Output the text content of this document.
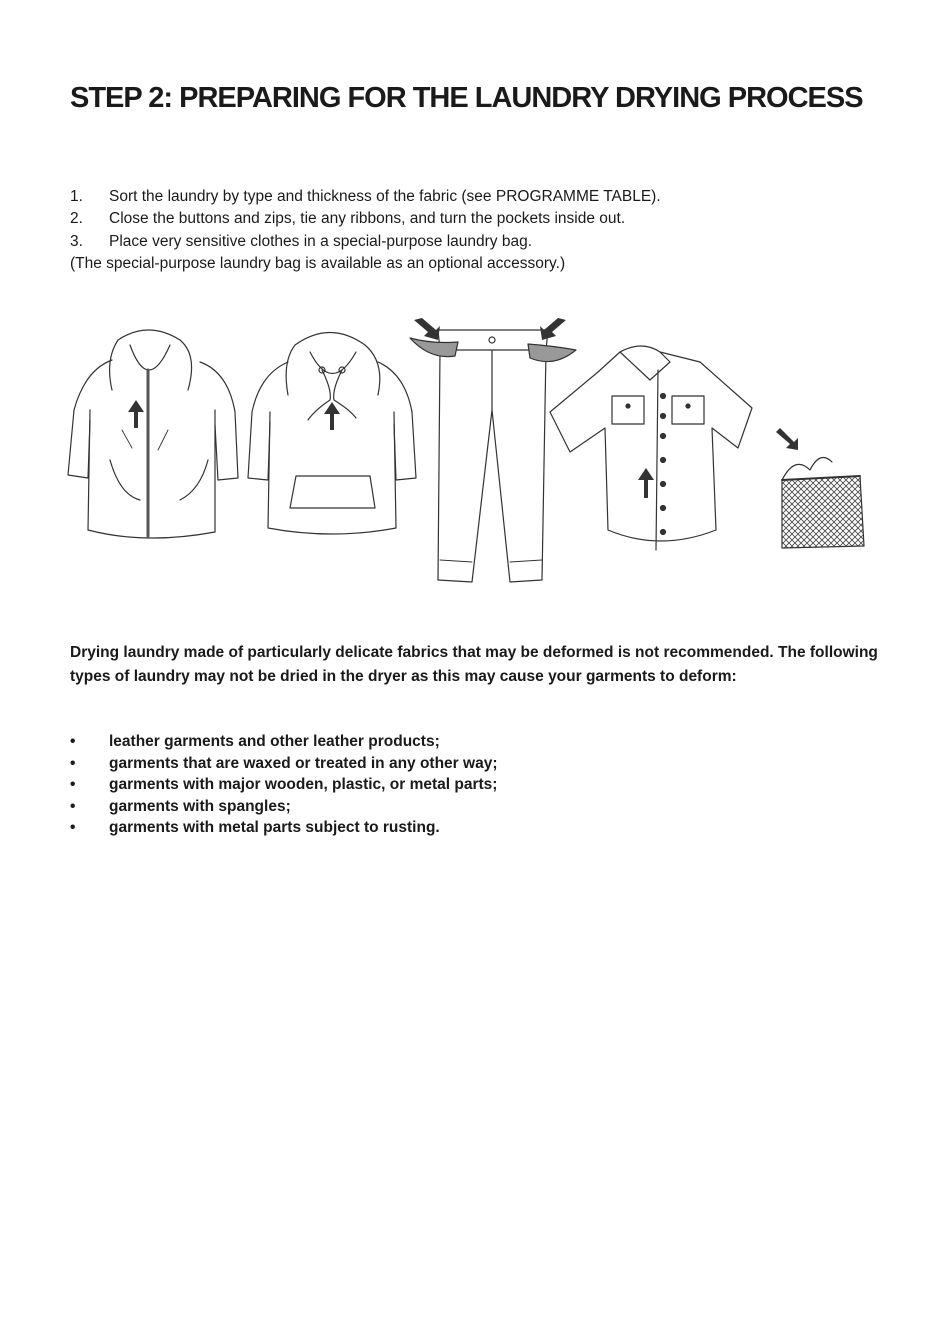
STEP 2: PREPARING FOR THE LAUNDRY DRYING PROCESS
1.	Sort the laundry by type and thickness of the fabric (see PROGRAMME TABLE).
2.	Close the buttons and zips, tie any ribbons, and turn the pockets inside out.
3.	Place very sensitive clothes in a special-purpose laundry bag.
(The special-purpose laundry bag is available as an optional accessory.)
Drying laundry made of particularly delicate fabrics that may be deformed is not recommended. The following types of laundry may not be dried in the dryer as this may cause your garments to deform:
•	leather garments and other leather products;
•	garments that are waxed or treated in any other way;
•	garments with major wooden, plastic, or metal parts;
•	garments with spangles;
•	garments with metal parts subject to rusting.
